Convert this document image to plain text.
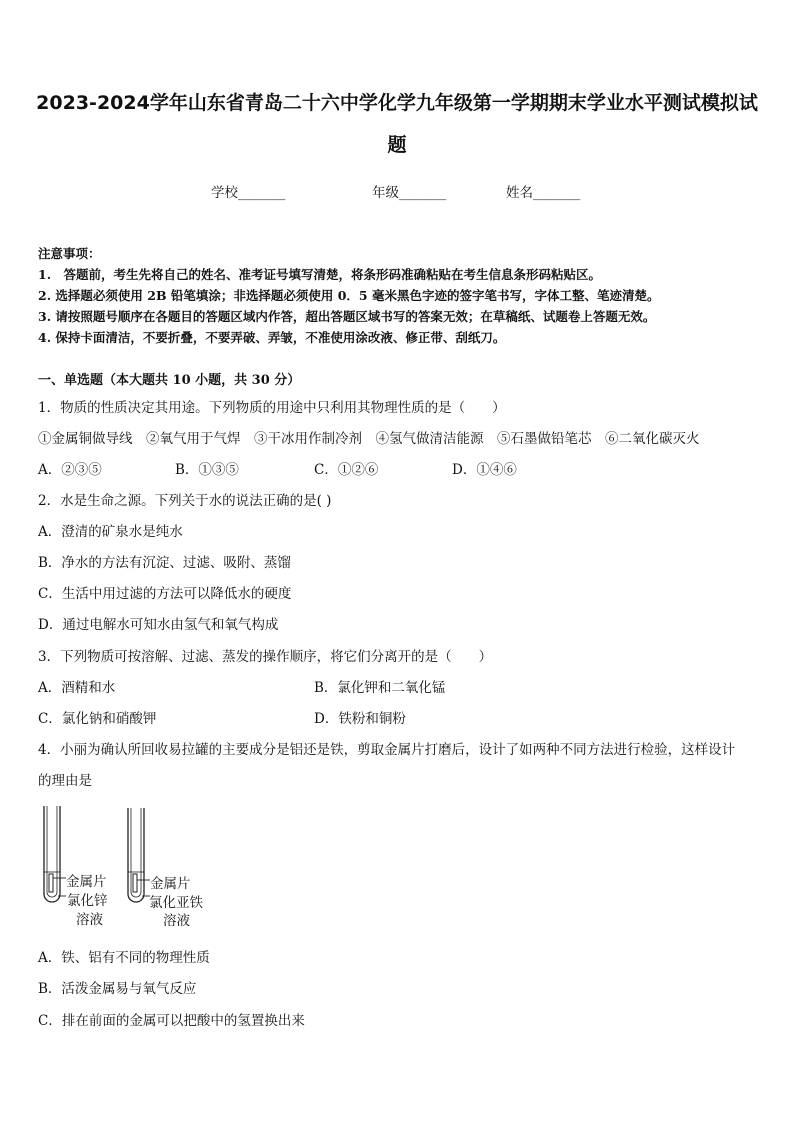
2023-2024学年山东省青岛二十六中学化学九年级第一学期期末学业水平测试模拟试
题
学校_______	年级_______	姓名_______
注意事项：
1.　答题前，考生先将自己的姓名、准考证号填写清楚，将条形码准确粘贴在考生信息条形码粘贴区。
2. 选择题必须使用 2B 铅笔填涂；非选择题必须使用 0．5 毫米黑色字迹的签字笔书写，字体工整、笔迹清楚。
3. 请按照题号顺序在各题目的答题区域内作答，超出答题区域书写的答案无效；在草稿纸、试题卷上答题无效。
4. 保持卡面清洁，不要折叠，不要弄破、弄皱，不准使用涂改液、修正带、刮纸刀。
一、单选题（本大题共 10 小题，共 30 分）
1．物质的性质决定其用途。下列物质的用途中只利用其物理性质的是（　　）
①金属铜做导线　②氧气用于气焊　③干冰用作制冷剂　④氢气做清洁能源　⑤石墨做铅笔芯　⑥二氧化碳灭火
A．②③⑤	B．①③⑤	C．①②⑥	D．①④⑥
2．水是生命之源。下列关于水的说法正确的是( )
A．澄清的矿泉水是纯水
B．净水的方法有沉淀、过滤、吸附、蒸馏
C．生活中用过滤的方法可以降低水的硬度
D．通过电解水可知水由氢气和氧气构成
3．下列物质可按溶解、过滤、蒸发的操作顺序，将它们分离开的是（　　）
A．酒精和水	B．氯化钾和二氧化锰
C．氯化钠和硝酸钾	D．铁粉和铜粉
4．小丽为确认所回收易拉罐的主要成分是铝还是铁，剪取金属片打磨后，设计了如两种不同方法进行检验，这样设计
的理由是
金属片
氯化锌
溶液
金属片
氯化亚铁
溶液
A．铁、铝有不同的物理性质
B．活泼金属易与氧气反应
C．排在前面的金属可以把酸中的氢置换出来
